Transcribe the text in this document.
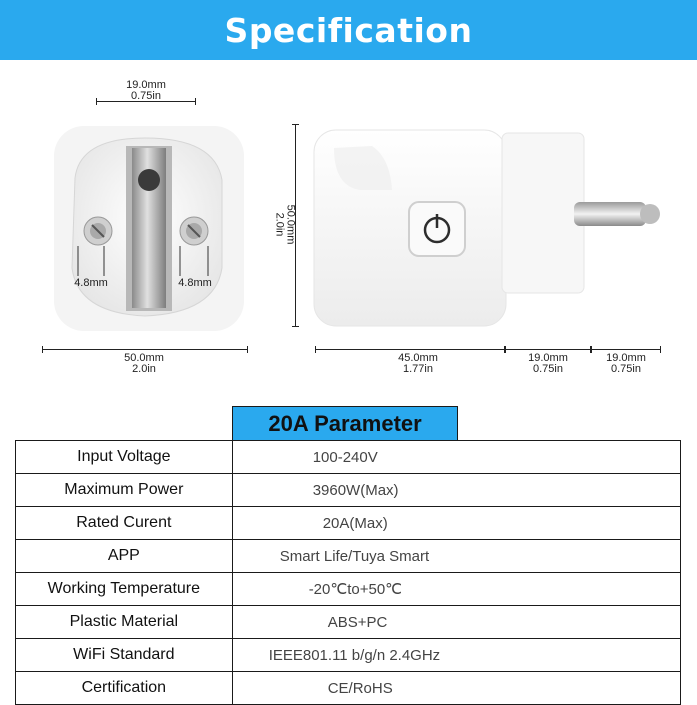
Specification
19.0mm
0.75in
4.8mm	4.8mm
50.0mm
2.0in
50.0mm
2.0in
45.0mm
1.77in
19.0mm
0.75in
19.0mm
0.75in
	20A Parameter	
Input Voltage	100-240V	
Maximum Power	3960W(Max)	
Rated Curent	20A(Max)	
APP	Smart Life/Tuya Smart	
Working Temperature	-20℃to+50℃	
Plastic Material	ABS+PC	
WiFi Standard	IEEE801.11 b/g/n 2.4GHz	
Certification	CE/RoHS	
